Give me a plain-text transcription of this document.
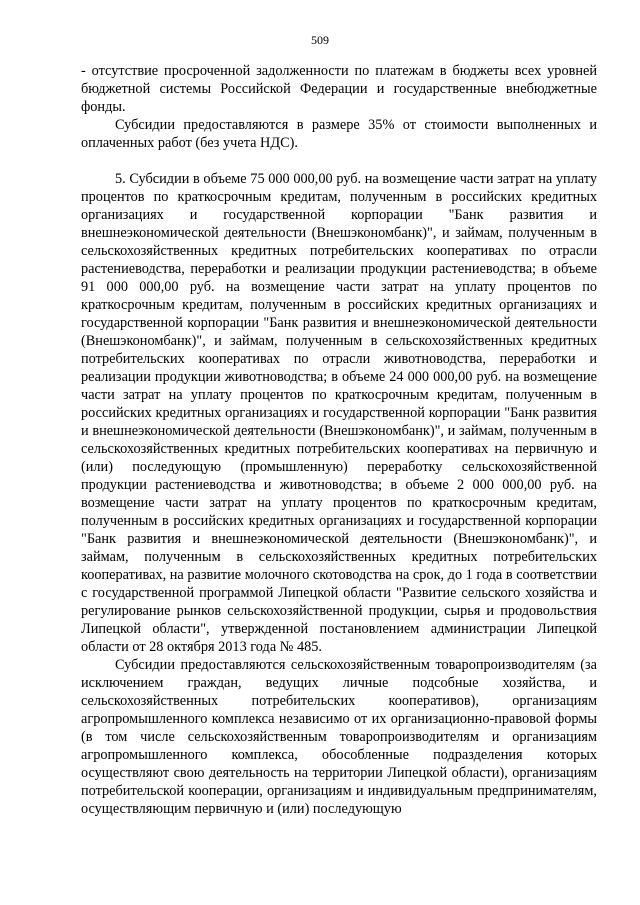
509

- отсутствие просроченной задолженности по платежам в бюджеты всех уровней бюджетной системы Российской Федерации и государственные внебюджетные фонды.

Субсидии предоставляются в размере 35% от стоимости выполненных и оплаченных работ (без учета НДС).

5. Субсидии в объеме 75 000 000,00 руб. на возмещение части затрат на уплату процентов по краткосрочным кредитам, полученным в российских кредитных организациях и государственной корпорации "Банк развития и внешнеэкономической деятельности (Внешэкономбанк)", и займам, полученным в сельскохозяйственных кредитных потребительских кооперативах по отрасли растениеводства, переработки и реализации продукции растениеводства; в объеме 91 000 000,00 руб. на возмещение части затрат на уплату процентов по краткосрочным кредитам, полученным в российских кредитных организациях и государственной корпорации "Банк развития и внешнеэкономической деятельности (Внешэкономбанк)", и займам, полученным в сельскохозяйственных кредитных потребительских кооперативах по отрасли животноводства, переработки и реализации продукции животноводства; в объеме 24 000 000,00 руб. на возмещение части затрат на уплату процентов по краткосрочным кредитам, полученным в российских кредитных организациях и государственной корпорации "Банк развития и внешнеэкономической деятельности (Внешэкономбанк)", и займам, полученным в сельскохозяйственных кредитных потребительских кооперативах на первичную и (или) последующую (промышленную) переработку сельскохозяйственной продукции растениеводства и животноводства; в объеме 2 000 000,00 руб. на возмещение части затрат на уплату процентов по краткосрочным кредитам, полученным в российских кредитных организациях и государственной корпорации "Банк развития и внешнеэкономической деятельности (Внешэкономбанк)", и займам, полученным в сельскохозяйственных кредитных потребительских кооперативах, на развитие молочного скотоводства на срок, до 1 года в соответствии с государственной программой Липецкой области "Развитие сельского хозяйства и регулирование рынков сельскохозяйственной продукции, сырья и продовольствия Липецкой области", утвержденной постановлением администрации Липецкой области от 28 октября 2013 года № 485.

Субсидии предоставляются сельскохозяйственным товаропроизводителям (за исключением граждан, ведущих личные подсобные хозяйства, и сельскохозяйственных потребительских кооперативов), организациям агропромышленного комплекса независимо от их организационно-правовой формы (в том числе сельскохозяйственным товаропроизводителям и организациям агропромышленного комплекса, обособленные подразделения которых осуществляют свою деятельность на территории Липецкой области), организациям потребительской кооперации, организациям и индивидуальным предпринимателям, осуществляющим первичную и (или) последующую
